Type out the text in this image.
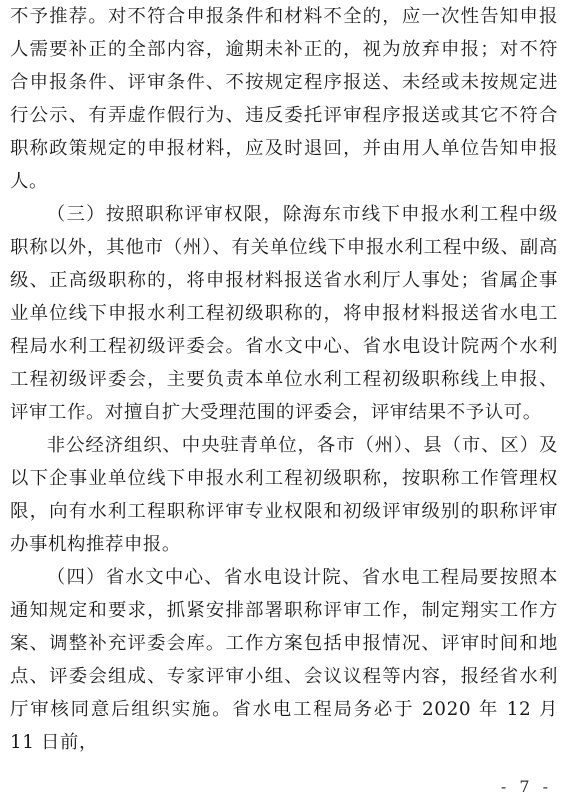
不予推荐。对不符合申报条件和材料不全的，应一次性告知申报人需要补正的全部内容，逾期未补正的，视为放弃申报；对不符合申报条件、评审条件、不按规定程序报送、未经或未按规定进行公示、有弄虚作假行为、违反委托评审程序报送或其它不符合职称政策规定的申报材料，应及时退回，并由用人单位告知申报人。

（三）按照职称评审权限，除海东市线下申报水利工程中级职称以外，其他市（州）、有关单位线下申报水利工程中级、副高级、正高级职称的，将申报材料报送省水利厅人事处；省属企事业单位线下申报水利工程初级职称的，将申报材料报送省水电工程局水利工程初级评委会。省水文中心、省水电设计院两个水利工程初级评委会，主要负责本单位水利工程初级职称线上申报、评审工作。对擅自扩大受理范围的评委会，评审结果不予认可。

非公经济组织、中央驻青单位，各市（州）、县（市、区）及以下企事业单位线下申报水利工程初级职称，按职称工作管理权限，向有水利工程职称评审专业权限和初级评审级别的职称评审办事机构推荐申报。

（四）省水文中心、省水电设计院、省水电工程局要按照本通知规定和要求，抓紧安排部署职称评审工作，制定翔实工作方案、调整补充评委会库。工作方案包括申报情况、评审时间和地点、评委会组成、专家评审小组、会议议程等内容，报经省水利厅审核同意后组织实施。省水电工程局务必于 2020 年 12 月 11 日前，

- 7 -
